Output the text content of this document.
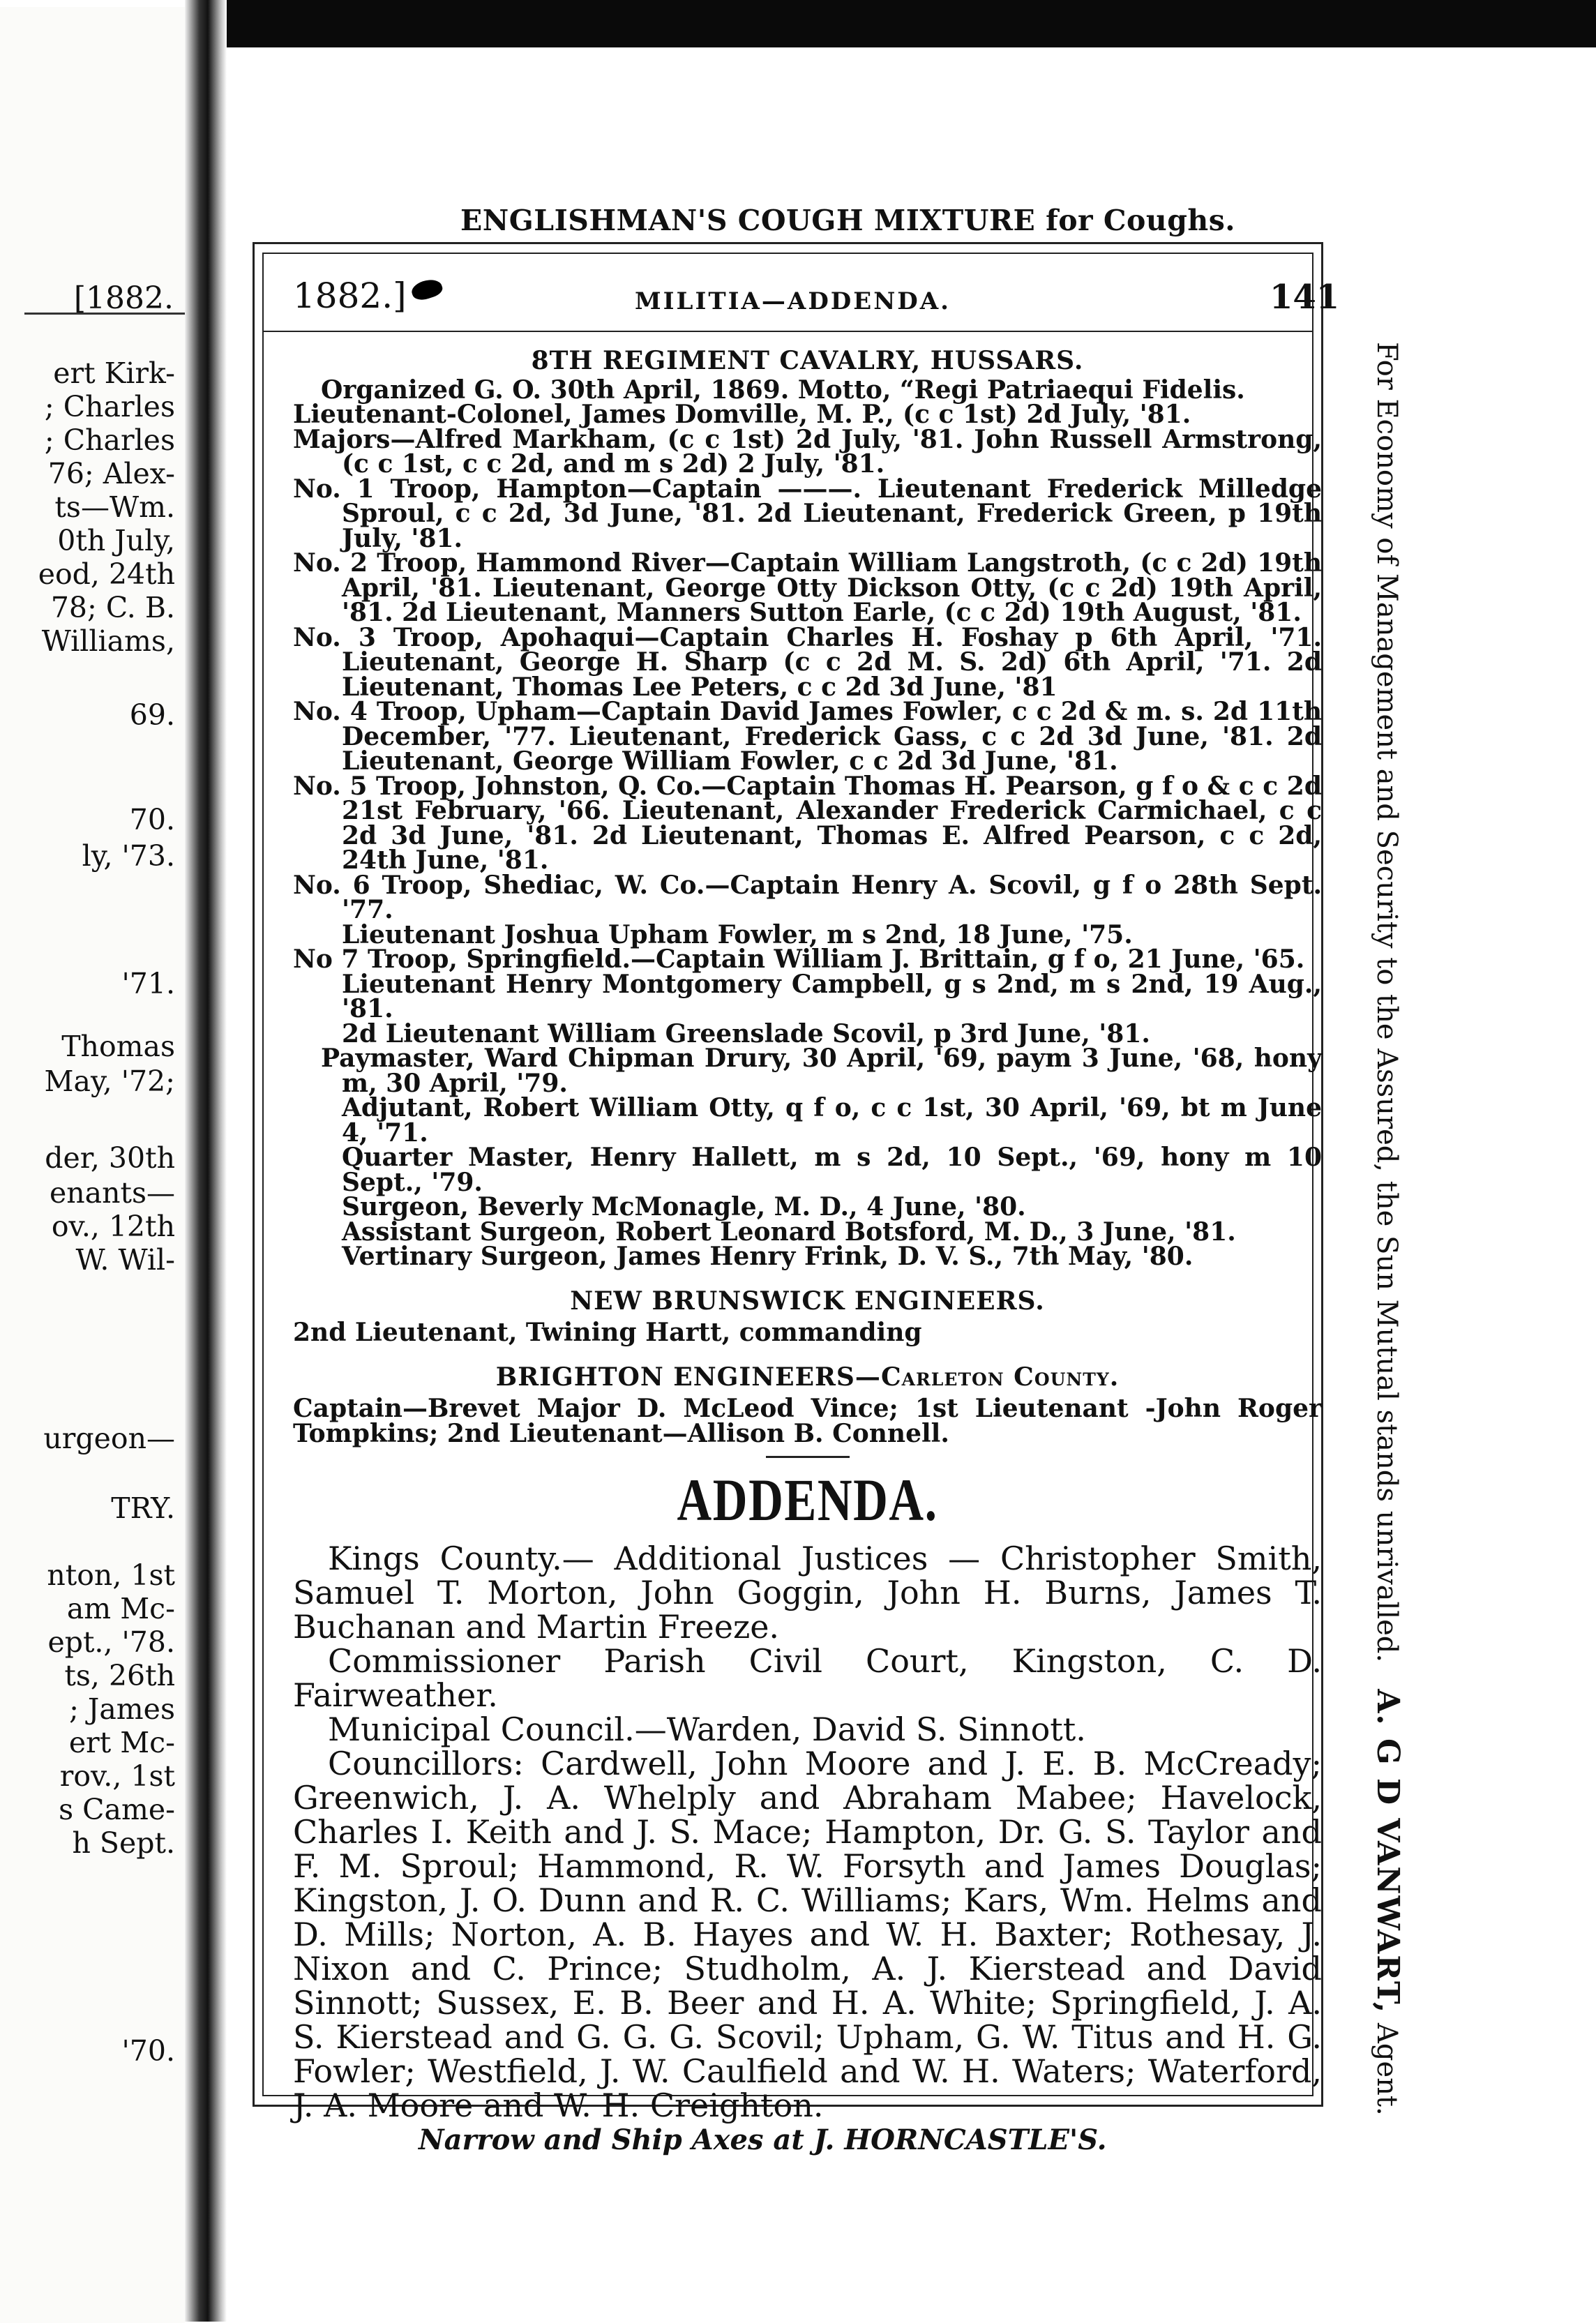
[1882.
ert Kirk-
; Charles
; Charles
76; Alex-
ts—Wm.
0th July,
eod, 24th
78; C. B.
Williams,
69.
70.
ly, '73.
'71.
Thomas
May, '72;
der, 30th
enants—
ov., 12th
W. Wil-
urgeon—
TRY.
nton, 1st
am Mc-
ept., '78.
ts, 26th
; James
ert Mc-
rov., 1st
s Came-
h Sept.
'70.
ENGLISHMAN'S COUGH MIXTURE for Coughs.
1882.]	MILITIA—ADDENDA.	141

8TH REGIMENT CAVALRY, HUSSARS.

Organized G. O. 30th April, 1869. Motto, “Regi Patriaequi Fidelis.

Lieutenant-Colonel, James Domville, M. P., (c c 1st) 2d July, '81.

Majors—Alfred Markham, (c c 1st) 2d July, '81. John Russell Armstrong, (c c 1st, c c 2d, and m s 2d) 2 July, '81.

No. 1 Troop, Hampton—Captain ———. Lieutenant Frederick Milledge Sproul, c c 2d, 3d June, '81. 2d Lieutenant, Frederick Green, p 19th July, '81.

No. 2 Troop, Hammond River—Captain William Langstroth, (c c 2d) 19th April, '81. Lieutenant, George Otty Dickson Otty, (c c 2d) 19th April, '81. 2d Lieutenant, Manners Sutton Earle, (c c 2d) 19th August, '81.

No. 3 Troop, Apohaqui—Captain Charles H. Foshay p 6th April, '71. Lieutenant, George H. Sharp (c c 2d M. S. 2d) 6th April, '71. 2d Lieutenant, Thomas Lee Peters, c c 2d 3d June, '81

No. 4 Troop, Upham—Captain David James Fowler, c c 2d & m. s. 2d 11th December, '77. Lieutenant, Frederick Gass, c c 2d 3d June, '81. 2d Lieutenant, George William Fowler, c c 2d 3d June, '81.

No. 5 Troop, Johnston, Q. Co.—Captain Thomas H. Pearson, g f o & c c 2d 21st February, '66. Lieutenant, Alexander Frederick Carmichael, c c 2d 3d June, '81. 2d Lieutenant, Thomas E. Alfred Pearson, c c 2d, 24th June, '81.

No. 6 Troop, Shediac, W. Co.—Captain Henry A. Scovil, g f o 28th Sept. '77.

Lieutenant Joshua Upham Fowler, m s 2nd, 18 June, '75.

No 7 Troop, Springfield.—Captain William J. Brittain, g f o, 21 June, '65.

Lieutenant Henry Montgomery Campbell, g s 2nd, m s 2nd, 19 Aug., '81.

2d Lieutenant William Greenslade Scovil, p 3rd June, '81.

Paymaster, Ward Chipman Drury, 30 April, '69, paym 3 June, '68, hony m, 30 April, '79.

Adjutant, Robert William Otty, q f o, c c 1st, 30 April, '69, bt m June 4, '71.

Quarter Master, Henry Hallett, m s 2d, 10 Sept., '69, hony m 10 Sept., '79.

Surgeon, Beverly McMonagle, M. D., 4 June, '80.

Assistant Surgeon, Robert Leonard Botsford, M. D., 3 June, '81.

Vertinary Surgeon, James Henry Frink, D. V. S., 7th May, '80.

NEW BRUNSWICK ENGINEERS.

2nd Lieutenant, Twining Hartt, commanding

BRIGHTON ENGINEERS—Carleton County.

Captain—Brevet Major D. McLeod Vince; 1st Lieutenant -John Roger Tompkins; 2nd Lieutenant—Allison B. Connell.

ADDENDA.

Kings County.— Additional Justices — Christopher Smith, Samuel T. Morton, John Goggin, John H. Burns, James T. Buchanan and Martin Freeze.

Commissioner Parish Civil Court, Kingston, C. D. Fairweather.

Municipal Council.—Warden, David S. Sinnott.

Councillors: Cardwell, John Moore and J. E. B. McCready; Greenwich, J. A. Whelply and Abraham Mabee; Havelock, Charles I. Keith and J. S. Mace; Hampton, Dr. G. S. Taylor and F. M. Sproul; Hammond, R. W. Forsyth and James Douglas; Kingston, J. O. Dunn and R. C. Williams; Kars, Wm. Helms and D. Mills; Norton, A. B. Hayes and W. H. Baxter; Rothesay, J. Nixon and C. Prince; Studholm, A. J. Kierstead and David Sinnott; Sussex, E. B. Beer and H. A. White; Springfield, J. A. S. Kierstead and G. G. G. Scovil; Upham, G. W. Titus and H. G. Fowler; Westfield, J. W. Caulfield and W. H. Waters; Waterford, J. A. Moore and W. H. Creighton.

For Economy of Management and Security to the Assured, the Sun Mutual stands unrivalled.   A. G D VANWART, Agent.
Narrow and Ship Axes at J. HORNCASTLE'S.
